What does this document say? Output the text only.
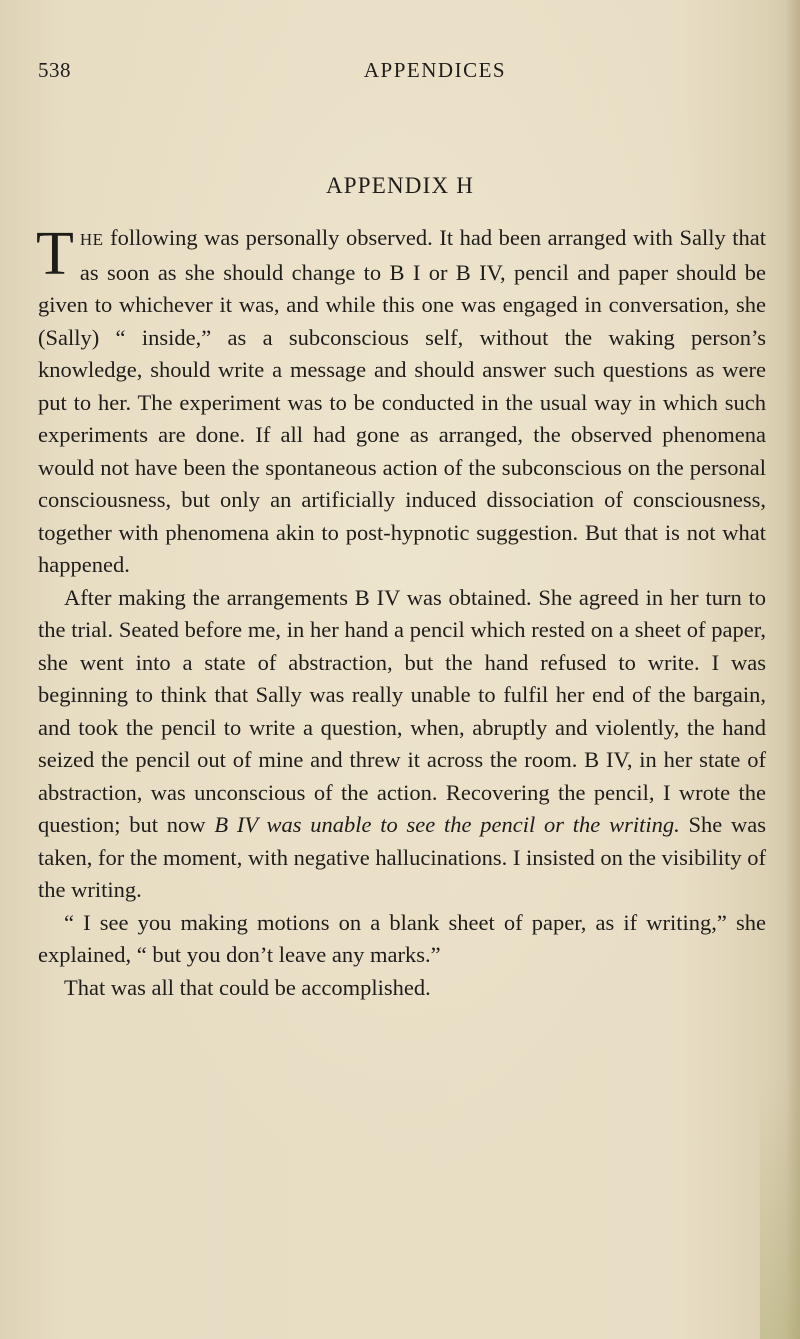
538	APPENDICES
APPENDIX H

THE following was personally observed. It had been arranged with Sally that as soon as she should change to B I or B IV, pencil and paper should be given to whichever it was, and while this one was engaged in conversation, she (Sally) “ inside,” as a subconscious self, without the waking person’s knowledge, should write a message and should answer such questions as were put to her. The experiment was to be conducted in the usual way in which such experiments are done. If all had gone as arranged, the observed phenomena would not have been the spontaneous action of the subconscious on the personal consciousness, but only an artificially induced dissociation of consciousness, together with phenomena akin to post-hypnotic suggestion. But that is not what happened.

After making the arrangements B IV was obtained. She agreed in her turn to the trial. Seated before me, in her hand a pencil which rested on a sheet of paper, she went into a state of abstraction, but the hand refused to write. I was beginning to think that Sally was really unable to fulfil her end of the bargain, and took the pencil to write a question, when, abruptly and violently, the hand seized the pencil out of mine and threw it across the room. B IV, in her state of abstraction, was unconscious of the action. Recovering the pencil, I wrote the question; but now B IV was unable to see the pencil or the writing. She was taken, for the moment, with negative hallucinations. I insisted on the visibility of the writing.

“ I see you making motions on a blank sheet of paper, as if writing,” she explained, “ but you don’t leave any marks.”

That was all that could be accomplished.
